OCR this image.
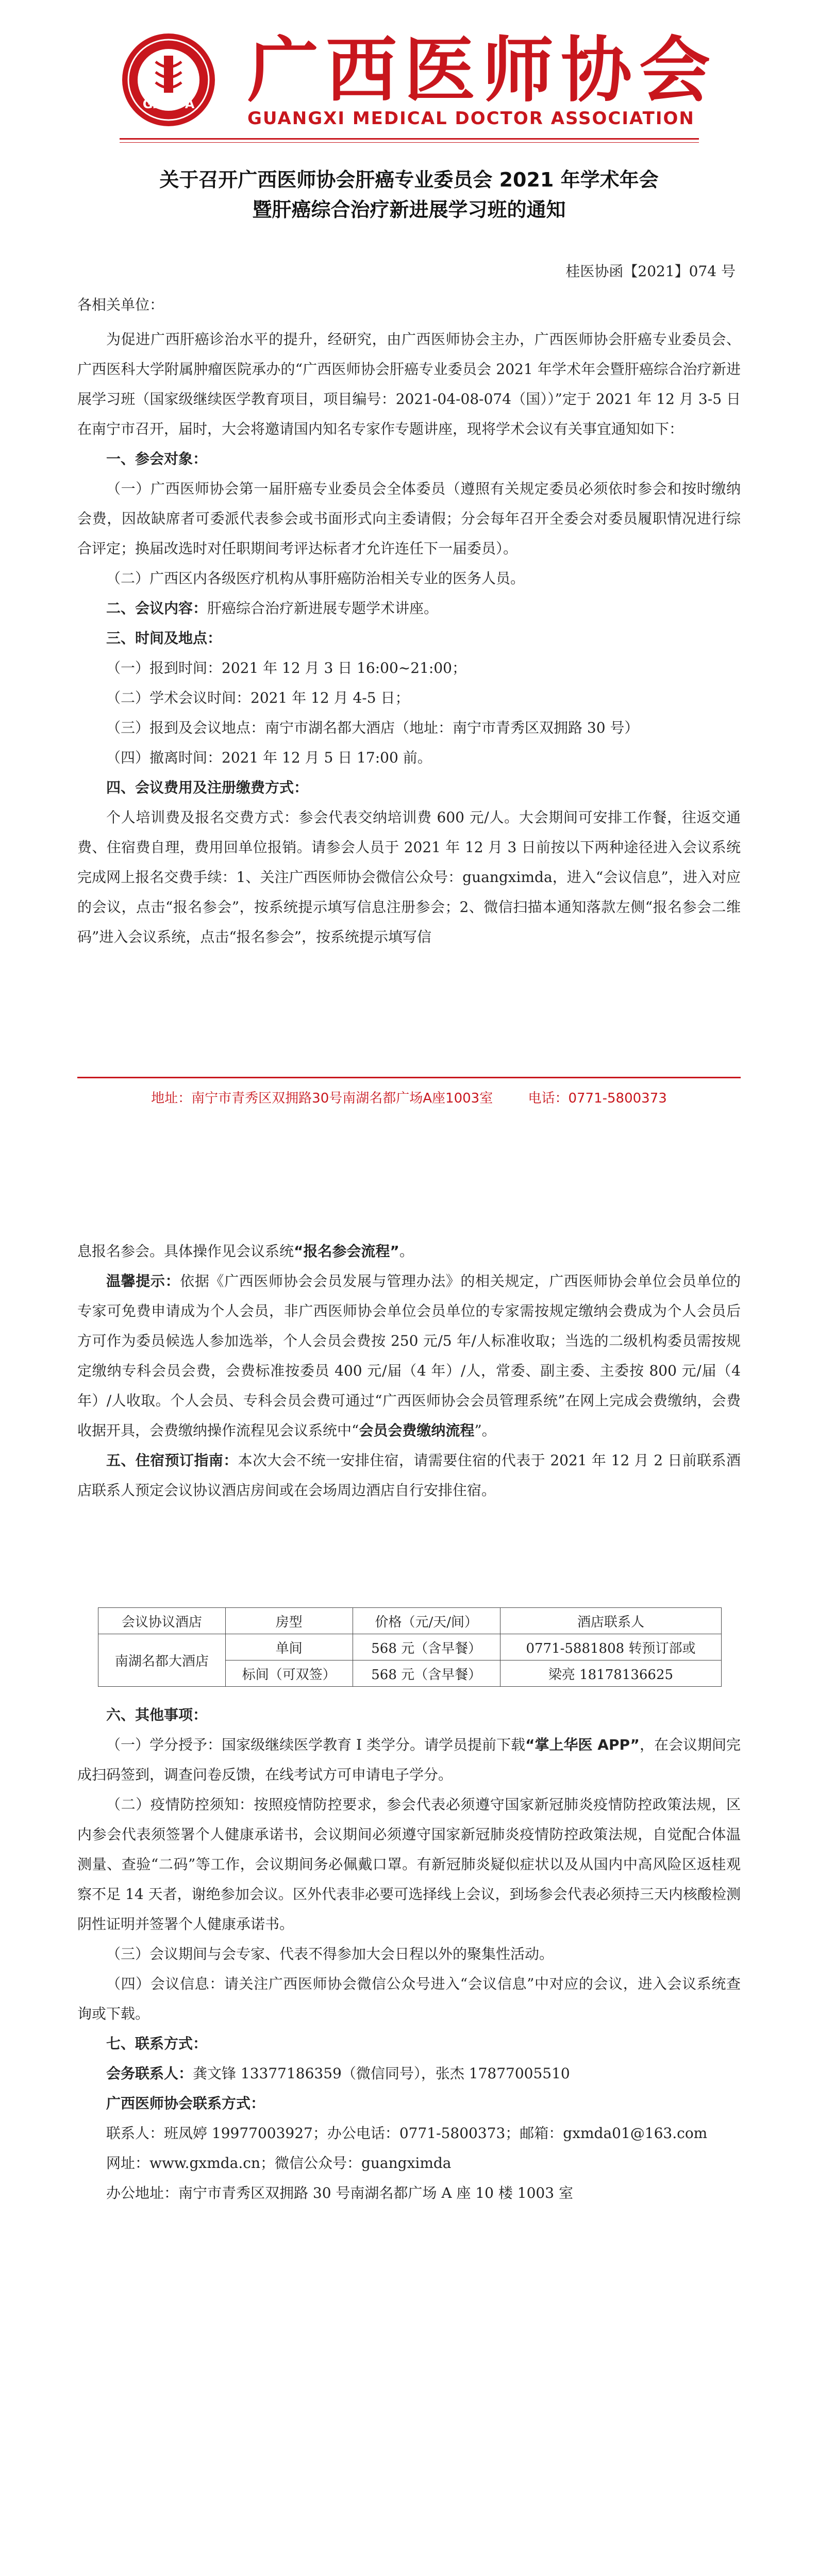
GXMDA 广西医师协会
GUANGXI MEDICAL DOCTOR ASSOCIATION
关于召开广西医师协会肝癌专业委员会 2021 年学术年会
暨肝癌综合治疗新进展学习班的通知
桂医协函【2021】074 号
各相关单位：

为促进广西肝癌诊治水平的提升，经研究，由广西医师协会主办，广西医师协会肝癌专业委员会、广西医科大学附属肿瘤医院承办的“广西医师协会肝癌专业委员会 2021 年学术年会暨肝癌综合治疗新进展学习班（国家级继续医学教育项目，项目编号：2021-04-08-074（国））”定于 2021 年 12 月 3-5 日在南宁市召开，届时，大会将邀请国内知名专家作专题讲座，现将学术会议有关事宜通知如下：

一、参会对象：

（一）广西医师协会第一届肝癌专业委员会全体委员（遵照有关规定委员必须依时参会和按时缴纳会费，因故缺席者可委派代表参会或书面形式向主委请假；分会每年召开全委会对委员履职情况进行综合评定；换届改选时对任职期间考评达标者才允许连任下一届委员）。

（二）广西区内各级医疗机构从事肝癌防治相关专业的医务人员。

二、会议内容：肝癌综合治疗新进展专题学术讲座。
三、时间及地点：
（一）报到时间：2021 年 12 月 3 日 16:00~21:00；
（二）学术会议时间：2021 年 12 月 4-5 日；
（三）报到及会议地点：南宁市湖名都大酒店（地址：南宁市青秀区双拥路 30 号）
（四）撤离时间：2021 年 12 月 5 日 17:00 前。
四、会议费用及注册缴费方式：

个人培训费及报名交费方式：参会代表交纳培训费 600 元/人。大会期间可安排工作餐，往返交通费、住宿费自理，费用回单位报销。请参会人员于 2021 年 12 月 3 日前按以下两种途径进入会议系统完成网上报名交费手续：1、关注广西医师协会微信公众号：guangximda，进入“会议信息”，进入对应的会议，点击“报名参会”，按系统提示填写信息注册参会；2、微信扫描本通知落款左侧“报名参会二维码”进入会议系统，点击“报名参会”，按系统提示填写信

地址：南宁市青秀区双拥路30号南湖名都广场A座1003室	电话：0771-5800373
息报名参会。具体操作见会议系统“报名参会流程”。

温馨提示：依据《广西医师协会会员发展与管理办法》的相关规定，广西医师协会单位会员单位的专家可免费申请成为个人会员，非广西医师协会单位会员单位的专家需按规定缴纳会费成为个人会员后方可作为委员候选人参加选举，个人会员会费按 250 元/5 年/人标准收取；当选的二级机构委员需按规定缴纳专科会员会费，会费标准按委员 400 元/届（4 年）/人，常委、副主委、主委按 800 元/届（4 年）/人收取。个人会员、专科会员会费可通过“广西医师协会会员管理系统”在网上完成会费缴纳，会费收据开具，会费缴纳操作流程见会议系统中“会员会费缴纳流程”。

五、住宿预订指南：本次大会不统一安排住宿，请需要住宿的代表于 2021 年 12 月 2 日前联系酒店联系人预定会议协议酒店房间或在会场周边酒店自行安排住宿。

会议协议酒店	房型	价格（元/天/间）	酒店联系人
南湖名都大酒店	单间	568 元（含早餐）	0771-5881808 转预订部或
	标间（可双签）	568 元（含早餐）	梁亮 18178136625
六、其他事项：

（一）学分授予：国家级继续医学教育 I 类学分。请学员提前下载“掌上华医 APP”，在会议期间完成扫码签到，调查问卷反馈，在线考试方可申请电子学分。

（二）疫情防控须知：按照疫情防控要求，参会代表必须遵守国家新冠肺炎疫情防控政策法规，区内参会代表须签署个人健康承诺书，会议期间必须遵守国家新冠肺炎疫情防控政策法规，自觉配合体温测量、查验“二码”等工作，会议期间务必佩戴口罩。有新冠肺炎疑似症状以及从国内中高风险区返桂观察不足 14 天者，谢绝参加会议。区外代表非必要可选择线上会议，到场参会代表必须持三天内核酸检测阴性证明并签署个人健康承诺书。

（三）会议期间与会专家、代表不得参加大会日程以外的聚集性活动。

（四）会议信息：请关注广西医师协会微信公众号进入“会议信息”中对应的会议，进入会议系统查询或下载。

七、联系方式：
会务联系人：龚文锋 13377186359（微信同号），张杰 17877005510
广西医师协会联系方式：
联系人：班凤婷 19977003927；办公电话：0771-5800373；邮箱：gxmda01@163.com
网址：www.gxmda.cn；微信公众号：guangximda
办公地址：南宁市青秀区双拥路 30 号南湖名都广场 A 座 10 楼 1003 室
